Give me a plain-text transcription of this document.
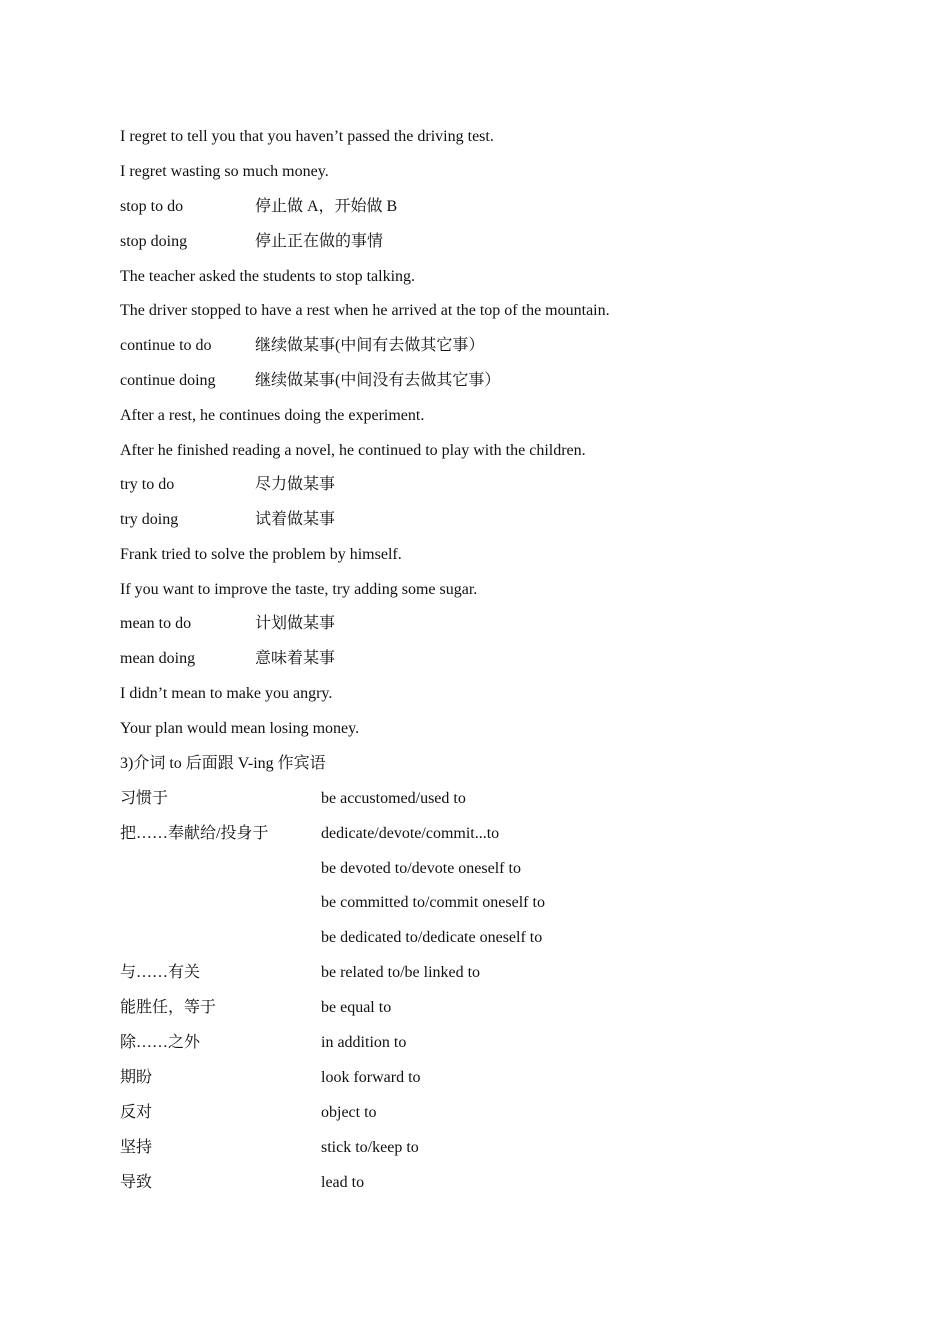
I regret to tell you that you haven’t passed the driving test.
I regret wasting so much money.
stop to do	停止做 A，开始做 B
stop doing	停止正在做的事情
The teacher asked the students to stop talking.
The driver stopped to have a rest when he arrived at the top of the mountain.
continue to do	继续做某事(中间有去做其它事）
continue doing 继续做某事(中间没有去做其它事）
After a rest, he continues doing the experiment.
After he finished reading a novel, he continued to play with the children.
try to do	尽力做某事
try doing	试着做某事
Frank tried to solve the problem by himself.
If you want to improve the taste, try adding some sugar.
mean to do	计划做某事
mean doing	意味着某事
I didn’t mean to make you angry.
Your plan would mean losing money.
3)介词 to 后面跟 V-ing 作宾语
习惯于	be accustomed/used to
把……奉献给/投身于	dedicate/devote/commit...to
be devoted to/devote oneself to
be committed to/commit oneself to
be dedicated to/dedicate oneself to
与……有关	be related to/be linked to
能胜任，等于	be equal to
除……之外	in addition to
期盼	look forward to
反对	object to
坚持	stick to/keep to
导致	lead to
